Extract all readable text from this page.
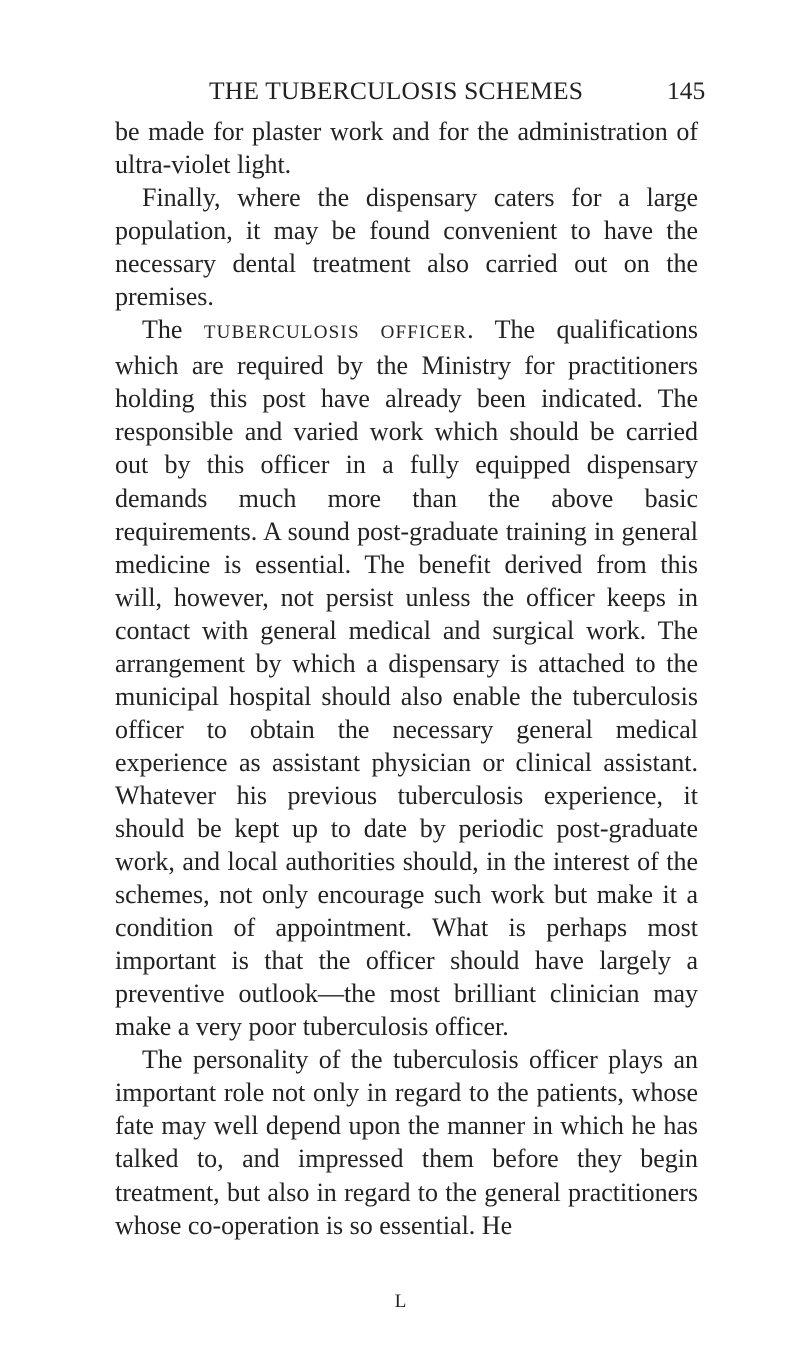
THE TUBERCULOSIS SCHEMES	145

be made for plaster work and for the administration of ultra-violet light.

Finally, where the dispensary caters for a large population, it may be found convenient to have the necessary dental treatment also carried out on the premises.

The TUBERCULOSIS OFFICER. The qualifications which are required by the Ministry for practitioners holding this post have already been indicated. The responsible and varied work which should be carried out by this officer in a fully equipped dispensary demands much more than the above basic requirements. A sound post-graduate training in general medicine is essential. The benefit derived from this will, however, not persist unless the officer keeps in contact with general medical and surgical work. The arrangement by which a dispensary is attached to the municipal hospital should also enable the tuberculosis officer to obtain the necessary general medical experience as assistant physician or clinical assistant. Whatever his previous tuberculosis experience, it should be kept up to date by periodic post-graduate work, and local authorities should, in the interest of the schemes, not only encourage such work but make it a condition of appointment. What is perhaps most important is that the officer should have largely a preventive outlook—the most brilliant clinician may make a very poor tuberculosis officer.

The personality of the tuberculosis officer plays an important role not only in regard to the patients, whose fate may well depend upon the manner in which he has talked to, and impressed them before they begin treatment, but also in regard to the general practitioners whose co-operation is so essential. He

L
